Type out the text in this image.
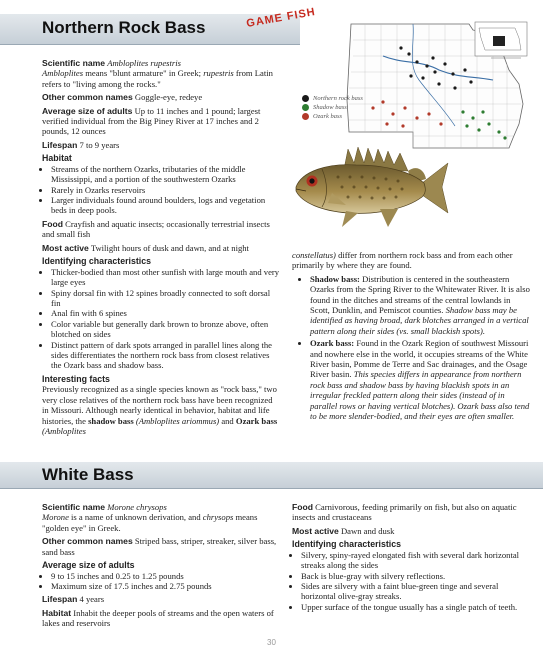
Northern Rock Bass	GAME FISH
Northern rock bass
Shadow bass
Ozark bass

Scientific name Ambloplites rupestris
Ambloplites means "blunt armature" in Greek; rupestris from Latin refers to "living among the rocks."

Other common names Goggle-eye, redeye

Average size of adults Up to 11 inches and 1 pound; largest verified individual from the Big Piney River at 17 inches and 2 pounds, 12 ounces

Lifespan 7 to 9 years

Habitat
• Streams of the northern Ozarks, tributaries of the middle Mississippi, and a portion of the southwestern Ozarks
• Rarely in Ozarks reservoirs
• Larger individuals found around boulders, logs and vegetation beds in deep pools.

Food Crayfish and aquatic insects; occasionally terrestrial insects and small fish

Most active Twilight hours of dusk and dawn, and at night

Identifying characteristics
• Thicker-bodied than most other sunfish with large mouth and very large eyes
• Spiny dorsal fin with 12 spines broadly connected to soft dorsal fin
• Anal fin with 6 spines
• Color variable but generally dark brown to bronze above, often blotched on sides
• Distinct pattern of dark spots arranged in parallel lines along the sides differentiates the northern rock bass from closest relatives the Ozark bass and shadow bass.
Interesting facts

Previously recognized as a single species known as "rock bass," two very close relatives of the northern rock bass have been recognized in Missouri. Although nearly identical in behavior, habitat and life histories, the shadow bass (Ambloplites ariommus) and Ozark bass (Ambloplites

constellatus) differ from northern rock bass and from each other primarily by where they are found.

• Shadow bass: Distribution is centered in the southeastern Ozarks from the Spring River to the Whitewater River. It is also found in the ditches and streams of the central lowlands in Scott, Dunklin, and Pemiscot counties. Shadow bass may be identified as having broad, dark blotches arranged in a vertical pattern along their sides (vs. small blackish spots).
• Ozark bass: Found in the Ozark Region of southwest Missouri and nowhere else in the world, it occupies streams of the White River basin, Pomme de Terre and Sac drainages, and the Osage River basin. This species differs in appearance from northern rock bass and shadow bass by having blackish spots in an irregular freckled pattern along their sides (instead of in parallel rows or having vertical blotches). Ozark bass also tend to be more slender-bodied, and their eyes are often smaller.
White Bass

Scientific name Morone chrysops
Morone is a name of unknown derivation, and chrysops means "golden eye" in Greek.

Other common names Striped bass, striper, streaker, silver bass, sand bass

Average size of adults
• 9 to 15 inches and 0.25 to 1.25 pounds
• Maximum size of 17.5 inches and 2.75 pounds

Lifespan 4 years

Habitat Inhabit the deeper pools of streams and the open waters of lakes and reservoirs

Food Carnivorous, feeding primarily on fish, but also on aquatic insects and crustaceans

Most active Dawn and dusk

Identifying characteristics
• Silvery, spiny-rayed elongated fish with several dark horizontal streaks along the sides
• Back is blue-gray with silvery reflections.
• Sides are silvery with a faint blue-green tinge and several horizontal olive-gray streaks.
• Upper surface of the tongue usually has a single patch of teeth.
30
